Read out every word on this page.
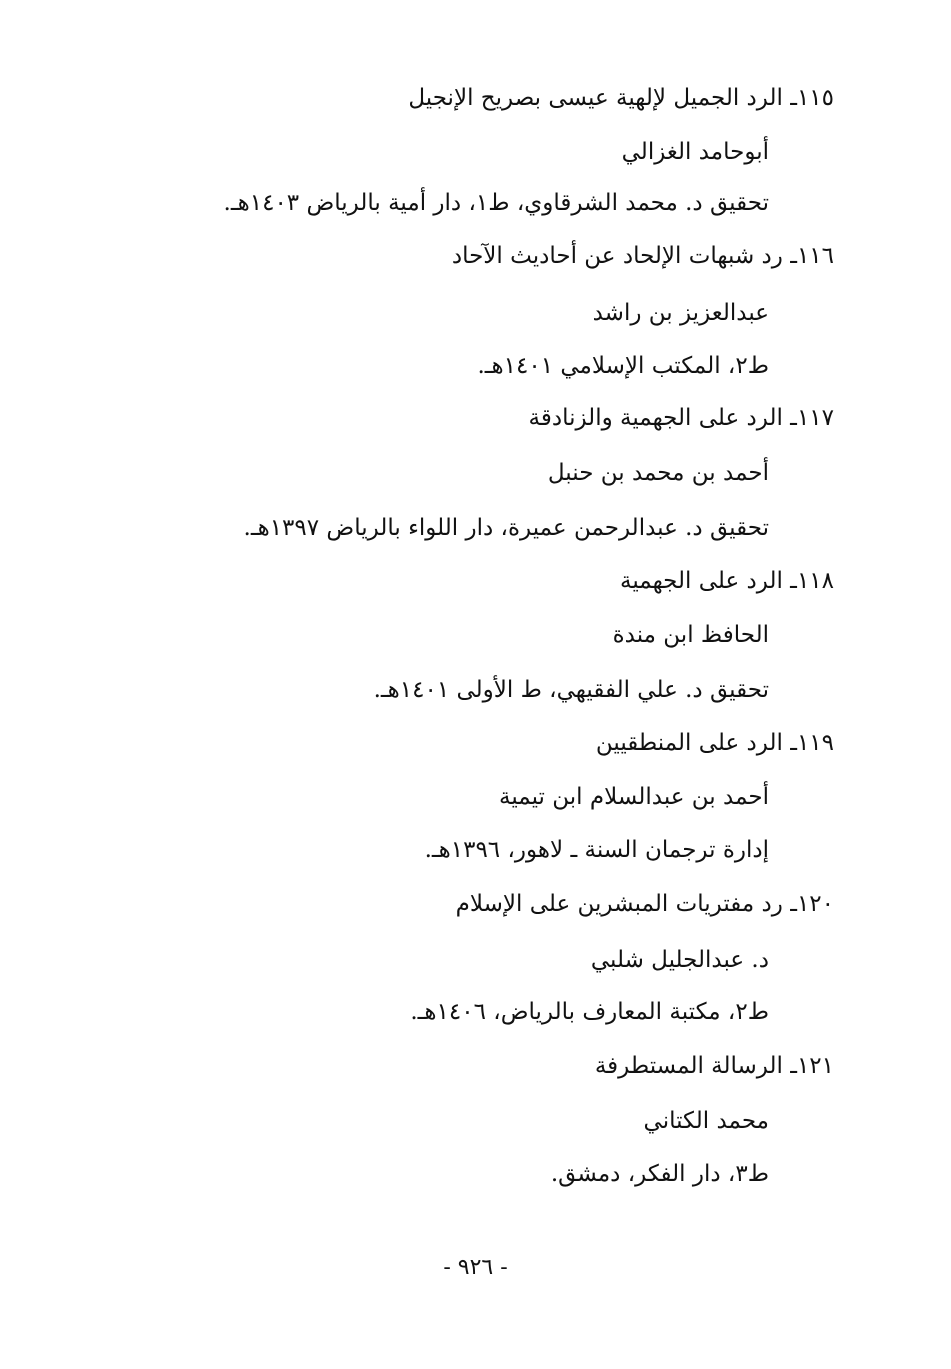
١١٥ـ الرد الجميل لإلهية عيسى بصريح الإنجيل
أبوحامد الغزالي
تحقيق د. محمد الشرقاوي، ط١، دار أمية بالرياض ١٤٠٣هـ.
١١٦ـ رد شبهات الإلحاد عن أحاديث الآحاد
عبدالعزيز بن راشد
ط٢، المكتب الإسلامي ١٤٠١هـ.
١١٧ـ الرد على الجهمية والزنادقة
أحمد بن محمد بن حنبل
تحقيق د. عبدالرحمن عميرة، دار اللواء بالرياض ١٣٩٧هـ.
١١٨ـ الرد على الجهمية
الحافظ ابن مندة
تحقيق د. علي الفقيهي، ط الأولى ١٤٠١هـ.
١١٩ـ الرد على المنطقيين
أحمد بن عبدالسلام ابن تيمية
إدارة ترجمان السنة ـ لاهور، ١٣٩٦هـ.
١٢٠ـ رد مفتريات المبشرين على الإسلام
د. عبدالجليل شلبي
ط٢، مكتبة المعارف بالرياض، ١٤٠٦هـ.
١٢١ـ الرسالة المستطرفة
محمد الكتاني
ط٣، دار الفكر، دمشق.
- ٩٢٦ -
